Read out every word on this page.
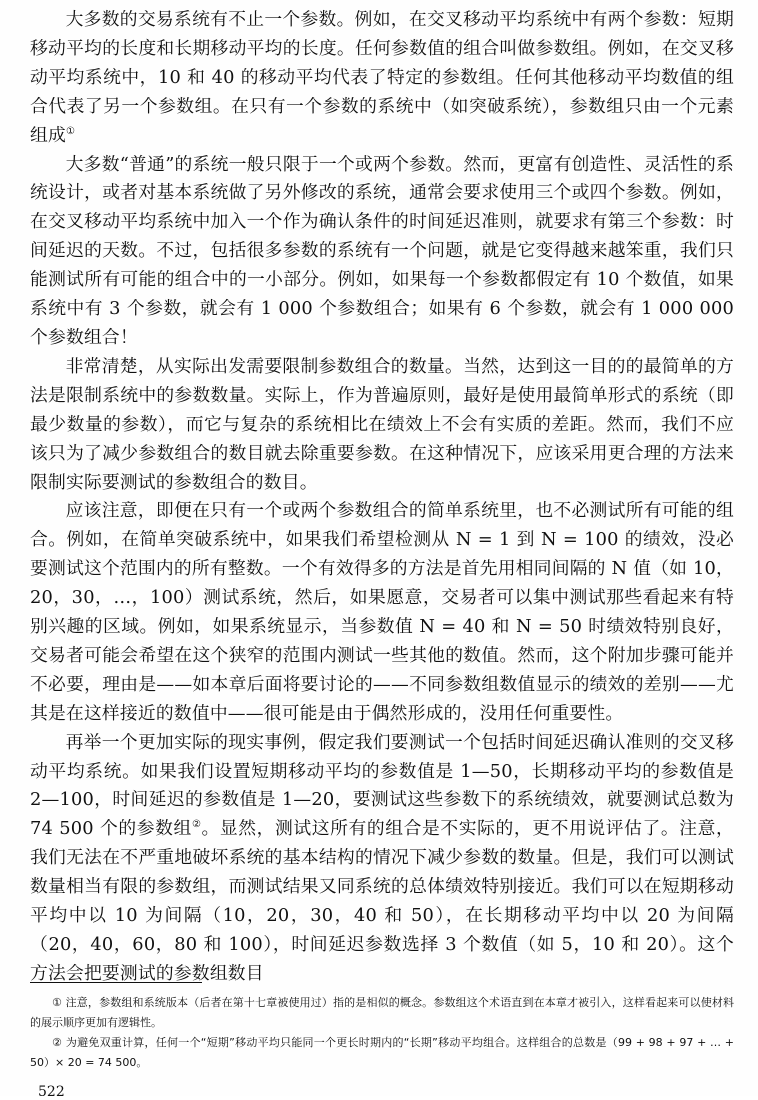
大多数的交易系统有不止一个参数。例如，在交叉移动平均系统中有两个参数：短期移动平均的长度和长期移动平均的长度。任何参数值的组合叫做参数组。例如，在交叉移动平均系统中，10 和 40 的移动平均代表了特定的参数组。任何其他移动平均数值的组合代表了另一个参数组。在只有一个参数的系统中（如突破系统），参数组只由一个元素组成①

大多数“普通”的系统一般只限于一个或两个参数。然而，更富有创造性、灵活性的系统设计，或者对基本系统做了另外修改的系统，通常会要求使用三个或四个参数。例如，在交叉移动平均系统中加入一个作为确认条件的时间延迟准则，就要求有第三个参数：时间延迟的天数。不过，包括很多参数的系统有一个问题，就是它变得越来越笨重，我们只能测试所有可能的组合中的一小部分。例如，如果每一个参数都假定有 10 个数值，如果系统中有 3 个参数，就会有 1 000 个参数组合；如果有 6 个参数，就会有 1 000 000 个参数组合！

非常清楚，从实际出发需要限制参数组合的数量。当然，达到这一目的的最简单的方法是限制系统中的参数数量。实际上，作为普遍原则，最好是使用最简单形式的系统（即最少数量的参数），而它与复杂的系统相比在绩效上不会有实质的差距。然而，我们不应该只为了减少参数组合的数目就去除重要参数。在这种情况下，应该采用更合理的方法来限制实际要测试的参数组合的数目。

应该注意，即便在只有一个或两个参数组合的简单系统里，也不必测试所有可能的组合。例如，在简单突破系统中，如果我们希望检测从 N = 1 到 N = 100 的绩效，没必要测试这个范围内的所有整数。一个有效得多的方法是首先用相同间隔的 N 值（如 10，20，30，…，100）测试系统，然后，如果愿意，交易者可以集中测试那些看起来有特别兴趣的区域。例如，如果系统显示，当参数值 N = 40 和 N = 50 时绩效特别良好，交易者可能会希望在这个狭窄的范围内测试一些其他的数值。然而，这个附加步骤可能并不必要，理由是——如本章后面将要讨论的——不同参数组数值显示的绩效的差别——尤其是在这样接近的数值中——很可能是由于偶然形成的，没用任何重要性。

再举一个更加实际的现实事例，假定我们要测试一个包括时间延迟确认准则的交叉移动平均系统。如果我们设置短期移动平均的参数值是 1—50，长期移动平均的参数值是 2—100，时间延迟的参数值是 1—20，要测试这些参数下的系统绩效，就要测试总数为 74 500 个的参数组②。显然，测试这所有的组合是不实际的，更不用说评估了。注意，我们无法在不严重地破坏系统的基本结构的情况下减少参数的数量。但是，我们可以测试数量相当有限的参数组，而测试结果又同系统的总体绩效特别接近。我们可以在短期移动平均中以 10 为间隔（10，20，30，40 和 50），在长期移动平均中以 20 为间隔（20，40，60，80 和 100），时间延迟参数选择 3 个数值（如 5，10 和 20）。这个方法会把要测试的参数组数目

① 注意，参数组和系统版本（后者在第十七章被使用过）指的是相似的概念。参数组这个术语直到在本章才被引入，这样看起来可以使材料的展示顺序更加有逻辑性。

② 为避免双重计算，任何一个“短期”移动平均只能同一个更长时期内的“长期”移动平均组合。这样组合的总数是（99 + 98 + 97 + … + 50）× 20 = 74 500。

522
